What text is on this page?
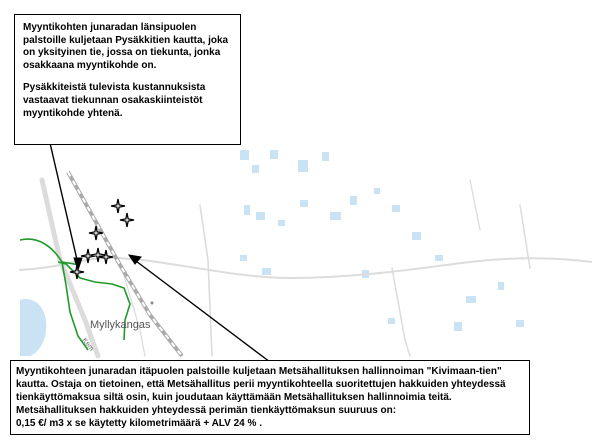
Myllykangas
Kem

Myyntikohten junaradan länsipuolen palstoille kuljetaan Pysäkkitien kautta, joka on yksityinen tie, jossa on tiekunta, jonka osakkaana myyntikohde on.

Pysäkkiteistä tulevista kustannuksista vastaavat tiekunnan osakaskiinteistöt myyntikohde yhtenä.

Myyntikohteen junaradan itäpuolen palstoille kuljetaan Metsähallituksen hallinnoiman "Kivimaan-tien" kautta. Ostaja on tietoinen, että Metsähallitus perii myyntikohteella suoritettujen hakkuiden yhteydessä tienkäyttömaksua siltä osin, kuin joudutaan käyttämään Metsähallituksen hallinnoimia teitä. Metsähallituksen hakkuiden yhteydessä perimän tienkäyttömaksun suuruus on:

0,15 €/ m3 x se käytetty kilometrimäärä + ALV 24 % .
